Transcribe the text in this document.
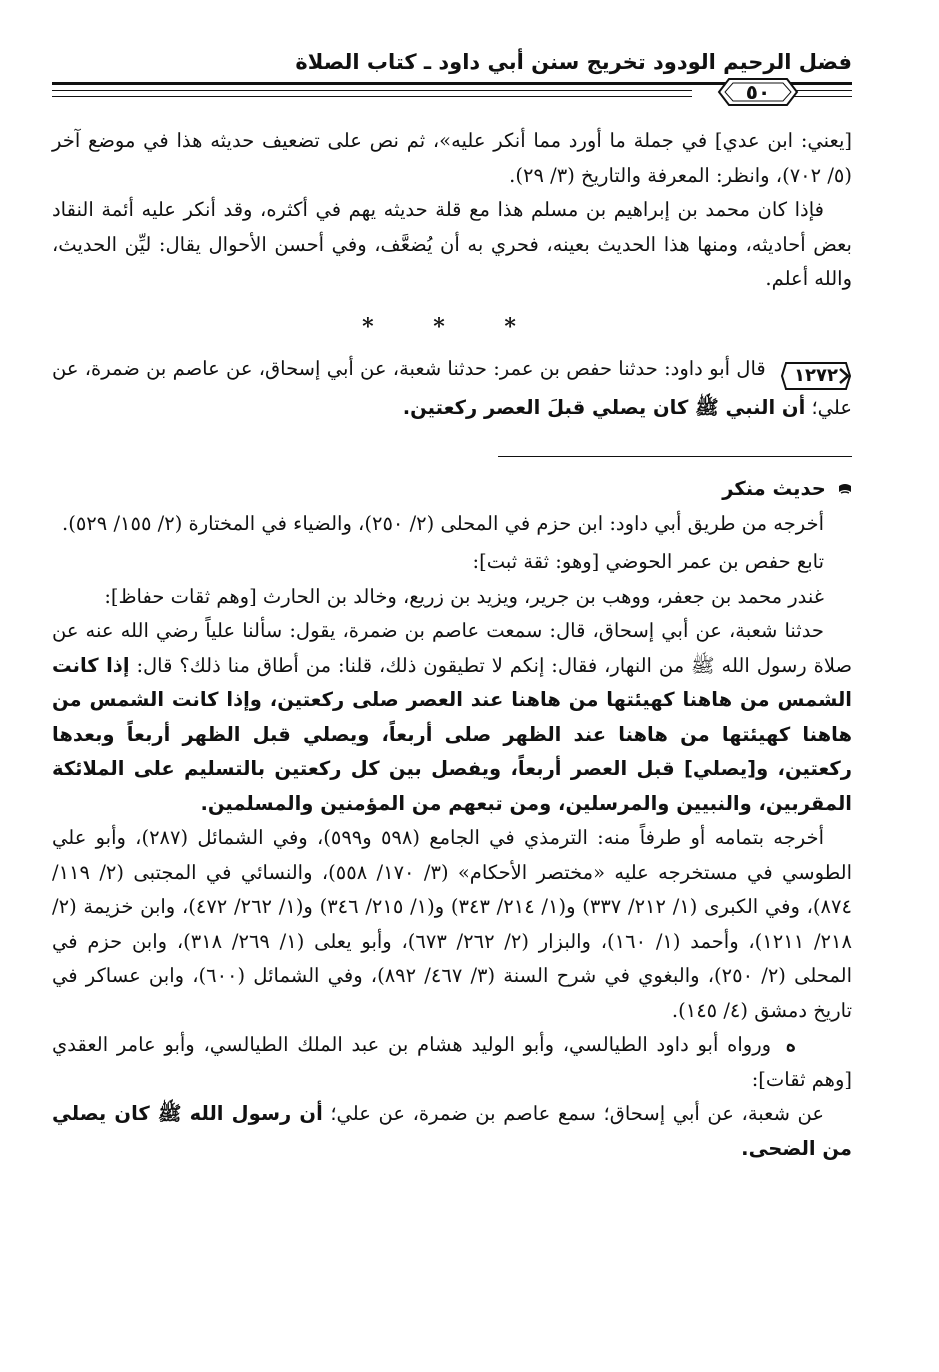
فضل الرحيم الودود تخريج سنن أبي داود ـ كتاب الصلاة
٥٠

[يعني: ابن عدي] في جملة ما أورد مما أنكر عليه»، ثم نص على تضعيف حديثه هذا في موضع آخر (٥/ ٧٠٢)، وانظر: المعرفة والتاريخ (٣/ ٢٩).

فإذا كان محمد بن إبراهيم بن مسلم هذا مع قلة حديثه يهم في أكثره، وقد أنكر عليه أئمة النقاد بعض أحاديثه، ومنها هذا الحديث بعينه، فحري به أن يُضعَّف، وفي أحسن الأحوال يقال: ليِّن الحديث، والله أعلم.

* * *

١٢٧٢ قال أبو داود: حدثنا حفص بن عمر: حدثنا شعبة، عن أبي إسحاق، عن عاصم بن ضمرة، عن علي؛ أن النبي ﷺ كان يصلي قبلَ العصر ركعتين.

حديث منكر

أخرجه من طريق أبي داود: ابن حزم في المحلى (٢/ ٢٥٠)، والضياء في المختارة (٢/ ١٥٥/ ٥٢٩).

تابع حفص بن عمر الحوضي [وهو: ثقة ثبت]:

غندر محمد بن جعفر، ووهب بن جرير، ويزيد بن زريع، وخالد بن الحارث [وهم ثقات حفاظ]:

حدثنا شعبة، عن أبي إسحاق، قال: سمعت عاصم بن ضمرة، يقول: سألنا علياً رضي الله عنه عن صلاة رسول الله ﷺ من النهار، فقال: إنكم لا تطيقون ذلك، قلنا: من أطاق منا ذلك؟ قال: إذا كانت الشمس من هاهنا كهيئتها من هاهنا عند العصر صلى ركعتين، وإذا كانت الشمس من هاهنا كهيئتها من هاهنا عند الظهر صلى أربعاً، ويصلي قبل الظهر أربعاً وبعدها ركعتين، و[يصلي] قبل العصر أربعاً، ويفصل بين كل ركعتين بالتسليم على الملائكة المقربين، والنبيين والمرسلين، ومن تبعهم من المؤمنين والمسلمين.

أخرجه بتمامه أو طرفاً منه: الترمذي في الجامع (٥٩٨ و٥٩٩)، وفي الشمائل (٢٨٧)، وأبو علي الطوسي في مستخرجه عليه «مختصر الأحكام» (٣/ ١٧٠/ ٥٥٨)، والنسائي في المجتبى (٢/ ١١٩/ ٨٧٤)، وفي الكبرى (١/ ٢١٢/ ٣٣٧) و(١/ ٢١٤/ ٣٤٣) و(١/ ٢١٥/ ٣٤٦) و(١/ ٢٦٢/ ٤٧٢)، وابن خزيمة (٢/ ٢١٨/ ١٢١١)، وأحمد (١/ ١٦٠)، والبزار (٢/ ٢٦٢/ ٦٧٣)، وأبو يعلى (١/ ٢٦٩/ ٣١٨)، وابن حزم في المحلى (٢/ ٢٥٠)، والبغوي في شرح السنة (٣/ ٤٦٧/ ٨٩٢)، وفي الشمائل (٦٠٠)، وابن عساكر في تاريخ دمشق (٤/ ١٤٥).

ه ورواه أبو داود الطيالسي، وأبو الوليد هشام بن عبد الملك الطيالسي، وأبو عامر العقدي [وهم ثقات]:

عن شعبة، عن أبي إسحاق؛ سمع عاصم بن ضمرة، عن علي؛ أن رسول الله ﷺ كان يصلي من الضحى.
